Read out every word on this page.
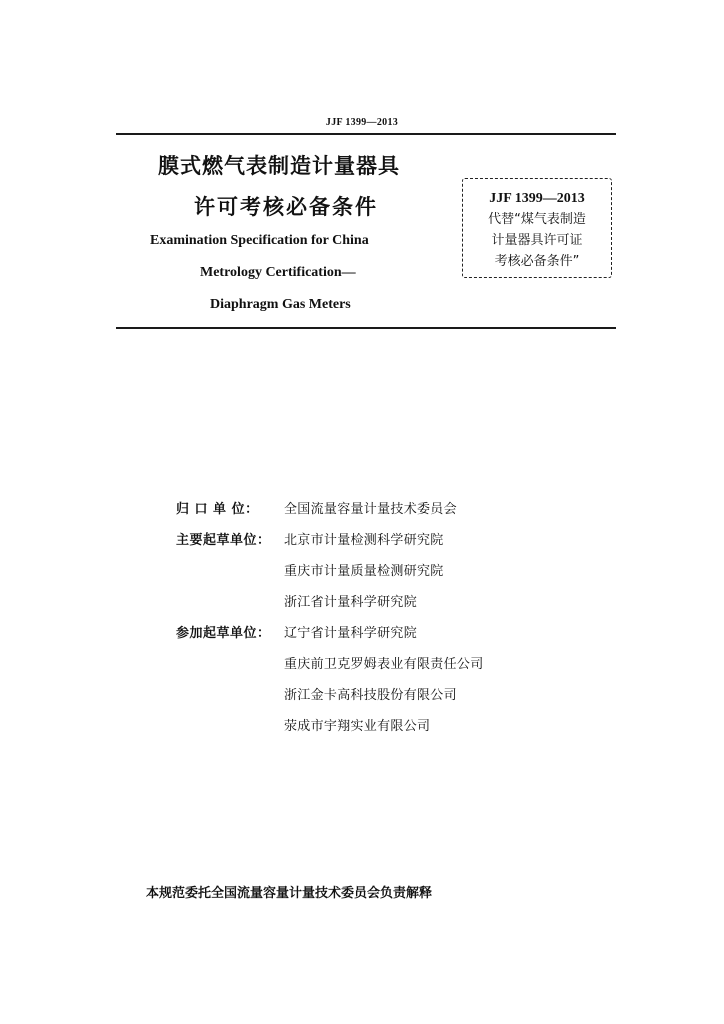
JJF 1399—2013
膜式燃气表制造计量器具
许可考核必备条件
Examination Specification for China
Metrology Certification—
Diaphragm Gas Meters
JJF 1399—2013
代替“煤气表制造
计量器具许可证
考核必备条件”
归 口 单 位：	全国流量容量计量技术委员会
主要起草单位：	北京市计量检测科学研究院
重庆市计量质量检测研究院
浙江省计量科学研究院
参加起草单位：	辽宁省计量科学研究院
重庆前卫克罗姆表业有限责任公司
浙江金卡高科技股份有限公司
荥成市宇翔实业有限公司
本规范委托全国流量容量计量技术委员会负责解释
